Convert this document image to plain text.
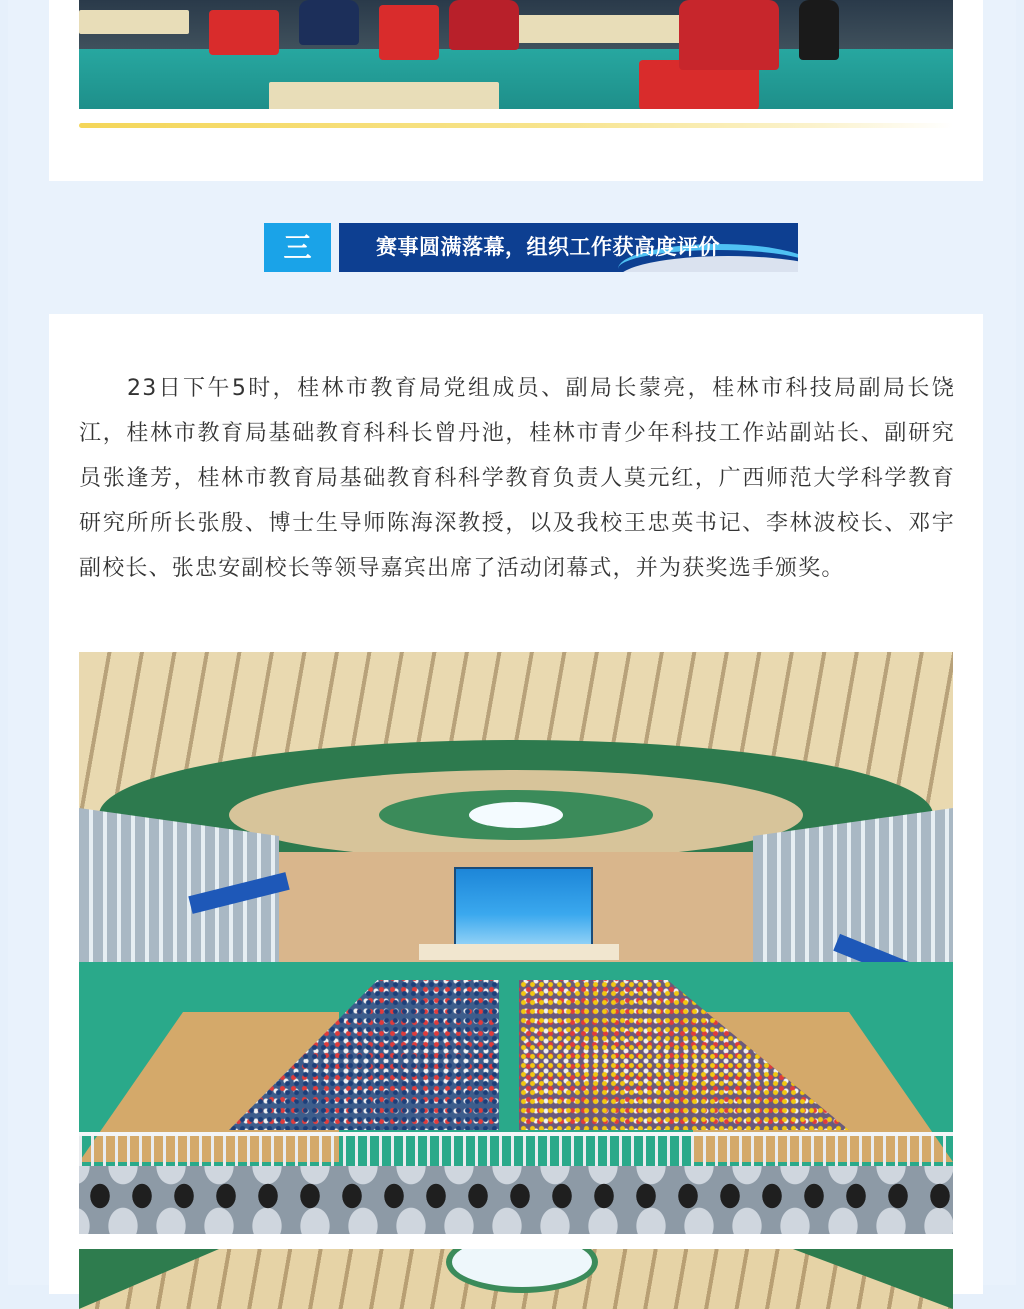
三	赛事圆满落幕，组织工作获高度评价

23日下午5时，桂林市教育局党组成员、副局长蒙亮，桂林市科技局副局长饶江，桂林市教育局基础教育科科长曾丹池，桂林市青少年科技工作站副站长、副研究员张逢芳，桂林市教育局基础教育科科学教育负责人莫元红，广西师范大学科学教育研究所所长张殷、博士生导师陈海深教授，以及我校王忠英书记、李林波校长、邓宇副校长、张忠安副校长等领导嘉宾出席了活动闭幕式，并为获奖选手颁奖。
